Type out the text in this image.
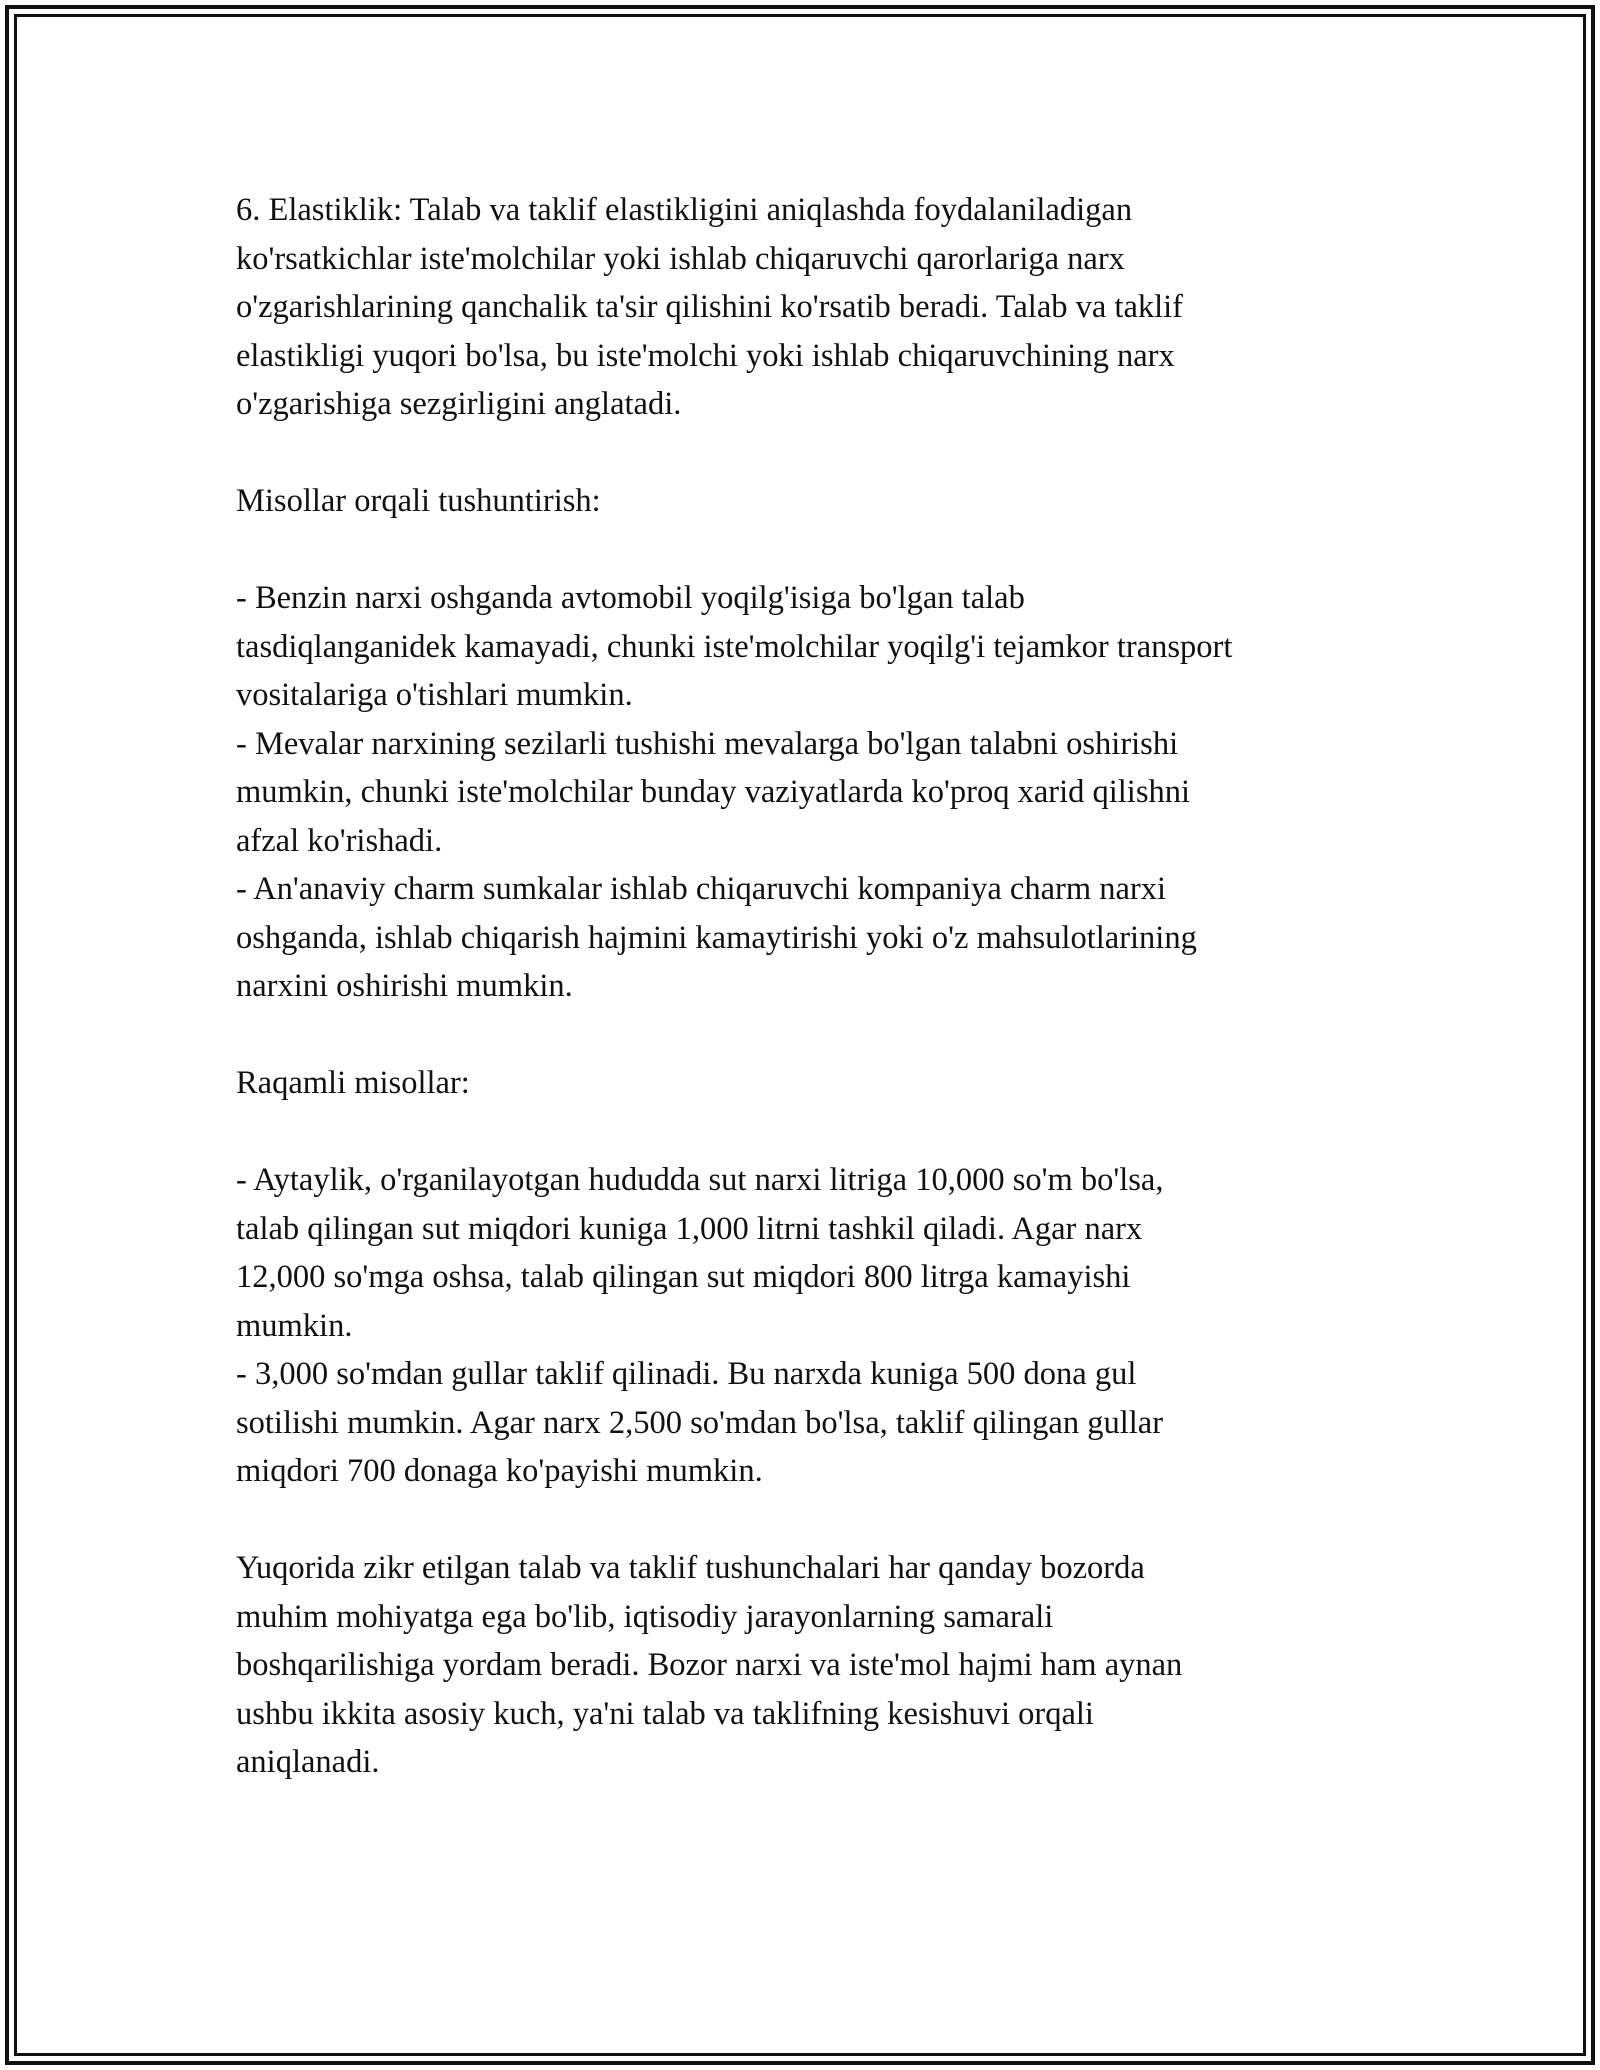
6. Elastiklik: Talab va taklif elastikligini aniqlashda foydalaniladigan

ko'rsatkichlar iste'molchilar yoki ishlab chiqaruvchi qarorlariga narx

o'zgarishlarining qanchalik ta'sir qilishini ko'rsatib beradi. Talab va taklif

elastikligi yuqori bo'lsa, bu iste'molchi yoki ishlab chiqaruvchining narx

o'zgarishiga sezgirligini anglatadi.

Misollar orqali tushuntirish:

- Benzin narxi oshganda avtomobil yoqilg'isiga bo'lgan talab

tasdiqlanganidek kamayadi, chunki iste'molchilar yoqilg'i tejamkor transport

vositalariga o'tishlari mumkin.

- Mevalar narxining sezilarli tushishi mevalarga bo'lgan talabni oshirishi

mumkin, chunki iste'molchilar bunday vaziyatlarda ko'proq xarid qilishni

afzal ko'rishadi.

- An'anaviy charm sumkalar ishlab chiqaruvchi kompaniya charm narxi

oshganda, ishlab chiqarish hajmini kamaytirishi yoki o'z mahsulotlarining

narxini oshirishi mumkin.

Raqamli misollar:

- Aytaylik, o'rganilayotgan hududda sut narxi litriga 10,000 so'm bo'lsa,

talab qilingan sut miqdori kuniga 1,000 litrni tashkil qiladi. Agar narx

12,000 so'mga oshsa, talab qilingan sut miqdori 800 litrga kamayishi

mumkin.

- 3,000 so'mdan gullar taklif qilinadi. Bu narxda kuniga 500 dona gul

sotilishi mumkin. Agar narx 2,500 so'mdan bo'lsa, taklif qilingan gullar

miqdori 700 donaga ko'payishi mumkin.

Yuqorida zikr etilgan talab va taklif tushunchalari har qanday bozorda

muhim mohiyatga ega bo'lib, iqtisodiy jarayonlarning samarali

boshqarilishiga yordam beradi. Bozor narxi va iste'mol hajmi ham aynan

ushbu ikkita asosiy kuch, ya'ni talab va taklifning kesishuvi orqali

aniqlanadi.
